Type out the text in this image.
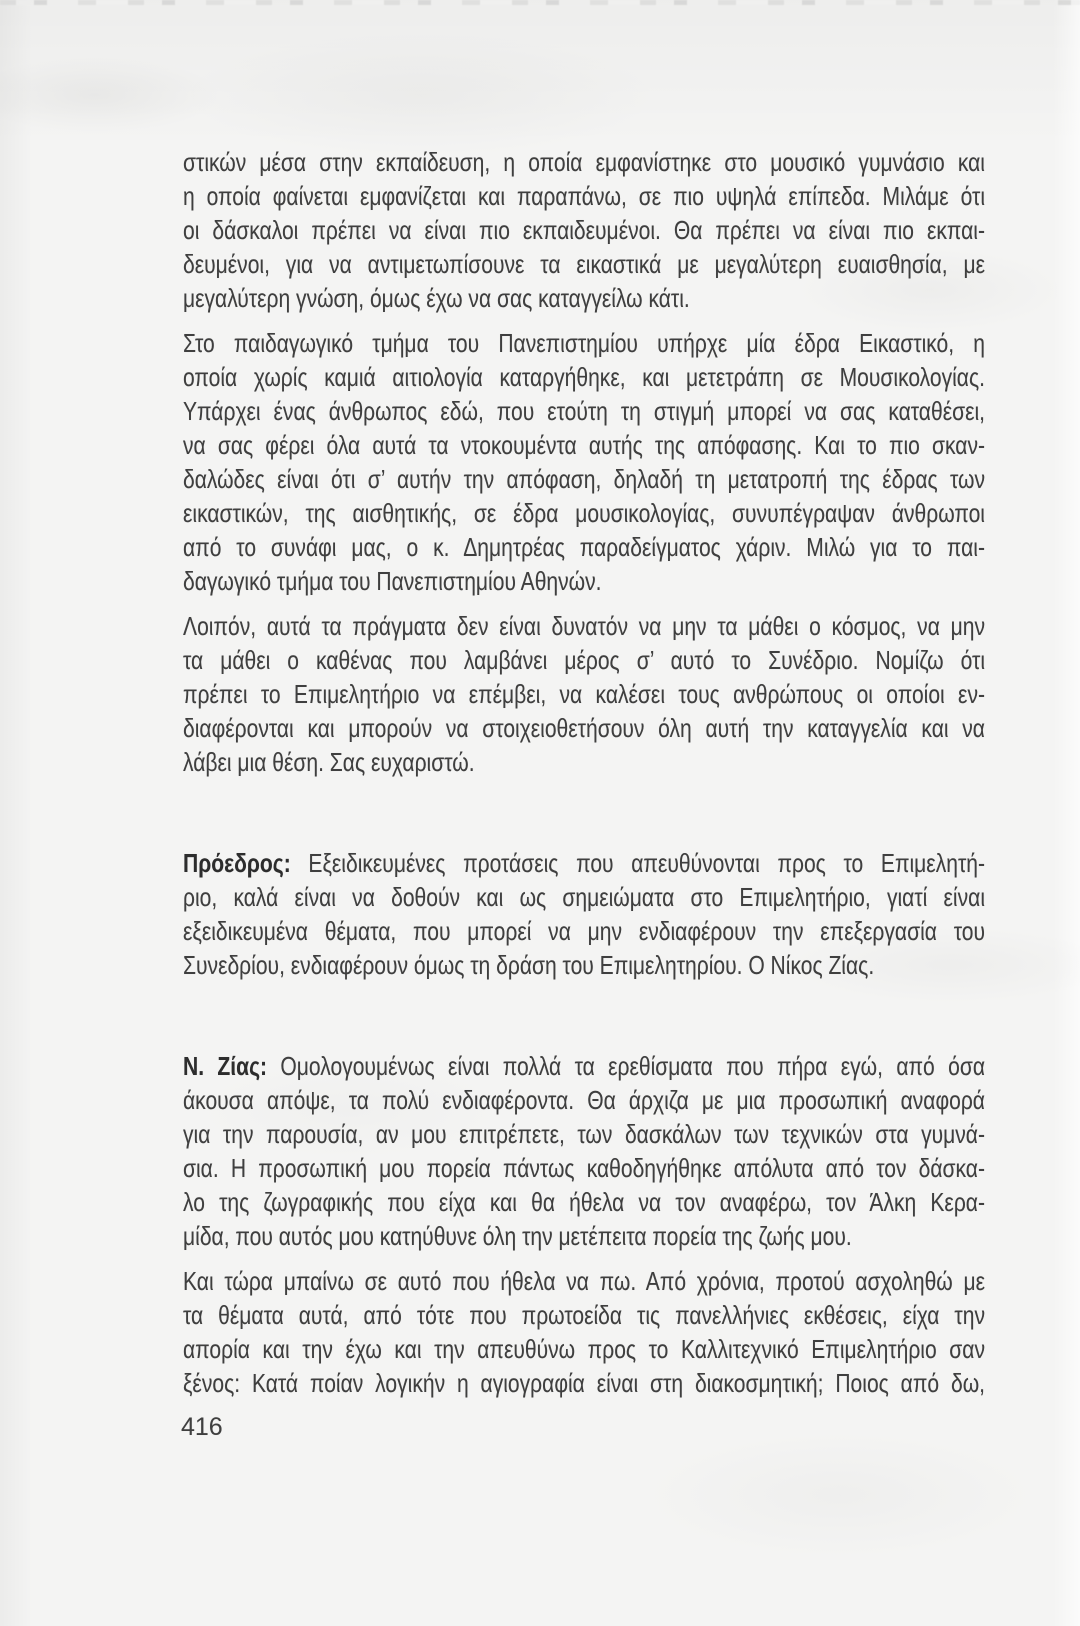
στικών μέσα στην εκπαίδευση, η οποία εμφανίστηκε στο μουσικό γυμνάσιο και
η οποία φαίνεται εμφανίζεται και παραπάνω, σε πιο υψηλά επίπεδα. Μιλάμε ότι
οι δάσκαλοι πρέπει να είναι πιο εκπαιδευμένοι. Θα πρέπει να είναι πιο εκπαι-
δευμένοι, για να αντιμετωπίσουνε τα εικαστικά με μεγαλύτερη ευαισθησία, με
μεγαλύτερη γνώση, όμως έχω να σας καταγγείλω κάτι.
Στο παιδαγωγικό τμήμα του Πανεπιστημίου υπήρχε μία έδρα Εικαστικό, η
οποία χωρίς καμιά αιτιολογία καταργήθηκε, και μετετράπη σε Μουσικολογίας.
Υπάρχει ένας άνθρωπος εδώ, που ετούτη τη στιγμή μπορεί να σας καταθέσει,
να σας φέρει όλα αυτά τα ντοκουμέντα αυτής της απόφασης. Και το πιο σκαν-
δαλώδες είναι ότι σ’ αυτήν την απόφαση, δηλαδή τη μετατροπή της έδρας των
εικαστικών, της αισθητικής, σε έδρα μουσικολογίας, συνυπέγραψαν άνθρωποι
από το συνάφι μας, ο κ. Δημητρέας παραδείγματος χάριν. Μιλώ για το παι-
δαγωγικό τμήμα του Πανεπιστημίου Αθηνών.
Λοιπόν, αυτά τα πράγματα δεν είναι δυνατόν να μην τα μάθει ο κόσμος, να μην
τα μάθει ο καθένας που λαμβάνει μέρος σ’ αυτό το Συνέδριο. Νομίζω ότι
πρέπει το Επιμελητήριο να επέμβει, να καλέσει τους ανθρώπους οι οποίοι εν-
διαφέρονται και μπορούν να στοιχειοθετήσουν όλη αυτή την καταγγελία και να
λάβει μια θέση. Σας ευχαριστώ.
Πρόεδρος: Εξειδικευμένες προτάσεις που απευθύνονται προς το Επιμελητή-
ριο, καλά είναι να δοθούν και ως σημειώματα στο Επιμελητήριο, γιατί είναι
εξειδικευμένα θέματα, που μπορεί να μην ενδιαφέρουν την επεξεργασία του
Συνεδρίου, ενδιαφέρουν όμως τη δράση του Επιμελητηρίου. Ο Νίκος Ζίας.
Ν. Ζίας: Ομολογουμένως είναι πολλά τα ερεθίσματα που πήρα εγώ, από όσα
άκουσα απόψε, τα πολύ ενδιαφέροντα. Θα άρχιζα με μια προσωπική αναφορά
για την παρουσία, αν μου επιτρέπετε, των δασκάλων των τεχνικών στα γυμνά-
σια. Η προσωπική μου πορεία πάντως καθοδηγήθηκε απόλυτα από τον δάσκα-
λο της ζωγραφικής που είχα και θα ήθελα να τον αναφέρω, τον Άλκη Κερα-
μίδα, που αυτός μου κατηύθυνε όλη την μετέπειτα πορεία της ζωής μου.
Και τώρα μπαίνω σε αυτό που ήθελα να πω. Από χρόνια, προτού ασχοληθώ με
τα θέματα αυτά, από τότε που πρωτοείδα τις πανελλήνιες εκθέσεις, είχα την
απορία και την έχω και την απευθύνω προς το Καλλιτεχνικό Επιμελητήριο σαν
ξένος: Κατά ποίαν λογικήν η αγιογραφία είναι στη διακοσμητική; Ποιος από δω,
416
